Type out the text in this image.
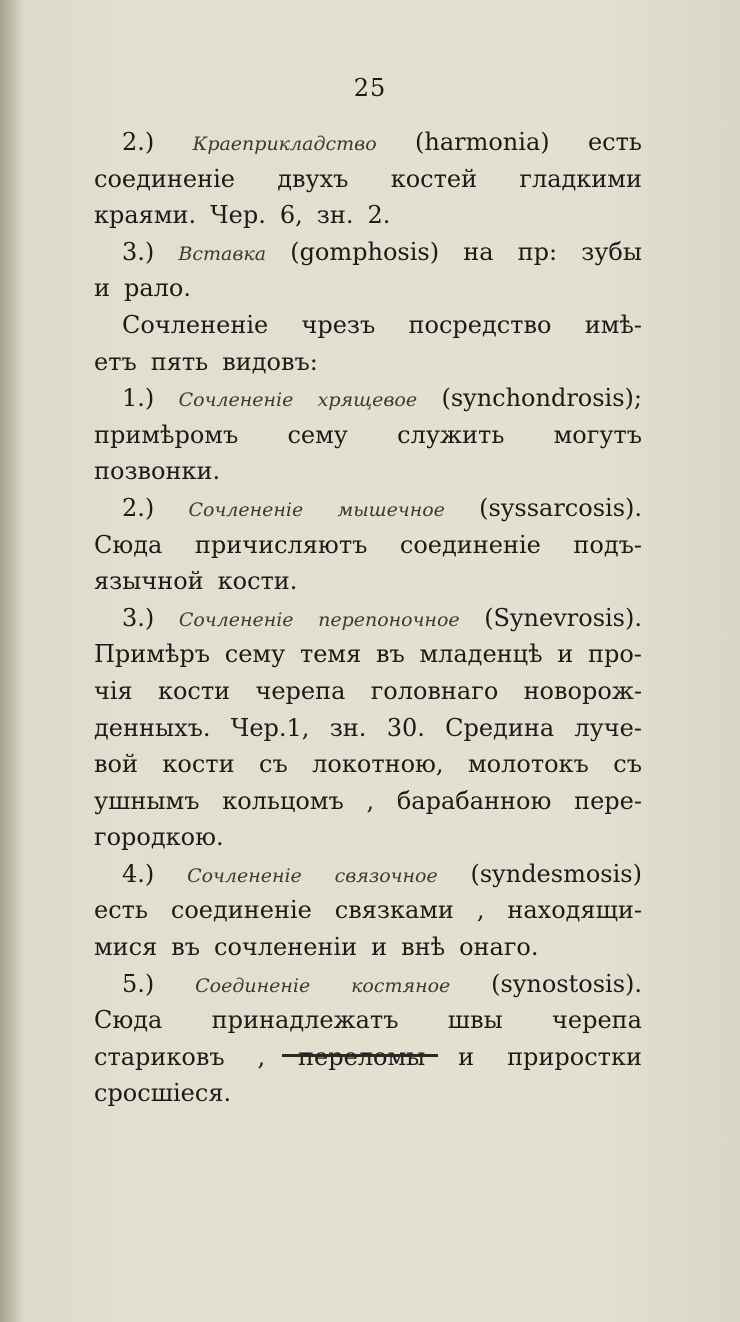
25
2.) Краеприкладство (harmonia) есть
соединеніе двухъ костей гладкими
краями. Чер. 6, зн. 2.
3.) Вставка (gomphosis) на пр: зубы
и рало.
Сочлененіе чрезъ посредство имѣ-
етъ пять видовъ:
1.) Сочлененіе хрящевое (synchondrosis);
примѣромъ сему служить могутъ
позвонки.
2.) Сочлененіе мышечное (syssarcosis).
Сюда причисляютъ соединеніе подъ-
язычной кости.
3.) Сочлененіе перепоночное (Synevrosis).
Примѣръ сему темя въ младенцѣ и про-
чія кости черепа головнаго новорож-
денныхъ. Чер.1, зн. 30. Средина луче-
вой кости съ локотною, молотокъ съ
ушнымъ кольцомъ , барабанною пере-
городкою.
4.) Сочлененіе связочное (syndesmosis)
есть соединеніе связками , находящи-
мися въ сочлененіи и внѣ онаго.
5.) Соединеніе костяное (synostosis).
Сюда принадлежатъ швы черепа
стариковъ , переломы и приростки
сросшіеся.
